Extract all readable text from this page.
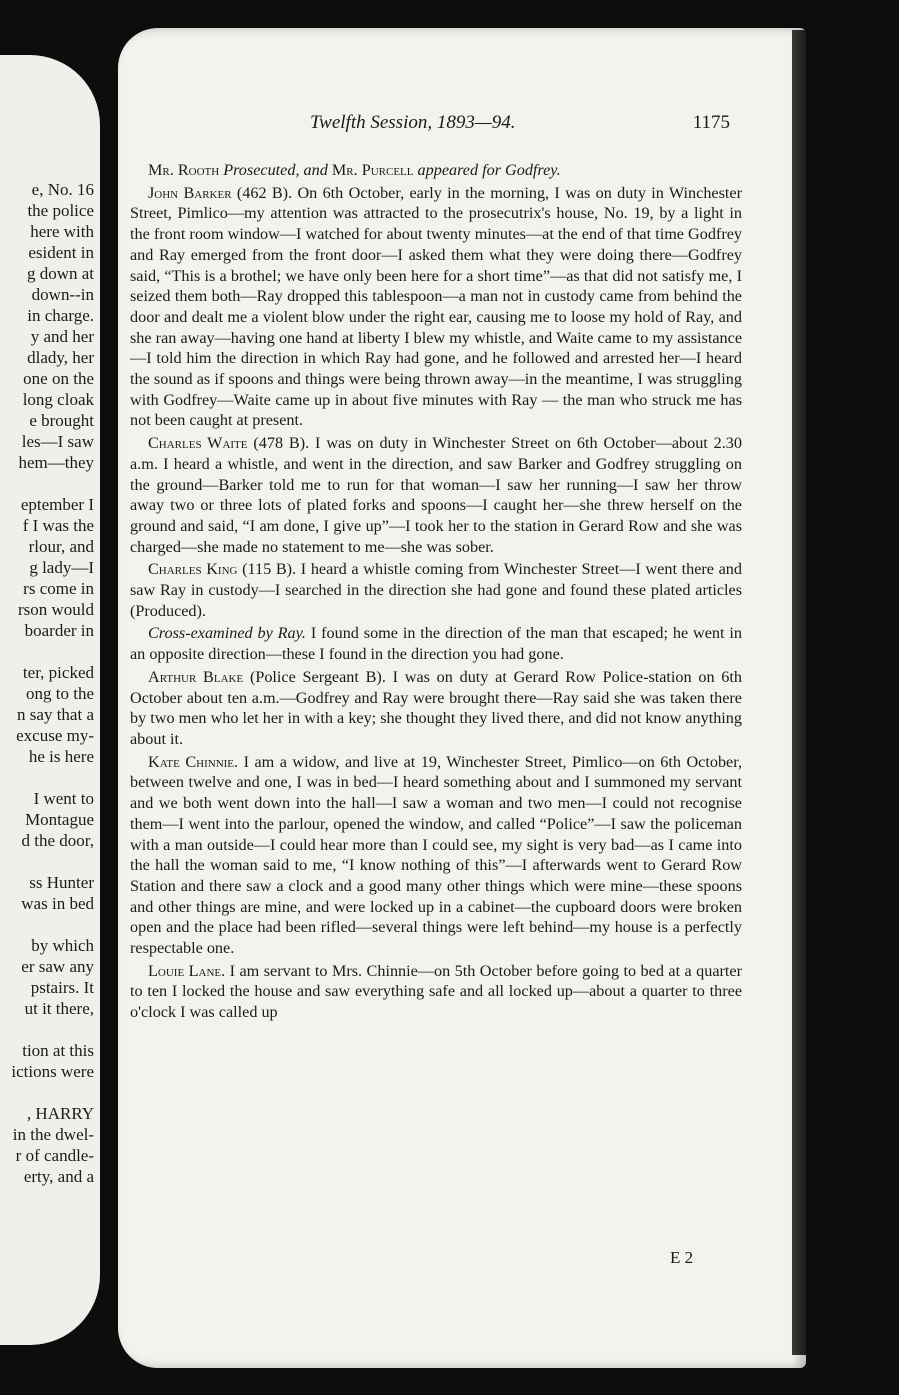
e, No. 16
the police
here with
esident in
g down at
down--in
in charge.
y and her
dlady, her
one on the
long cloak
e brought
les—I saw
hem—they
eptember I
f I was the
rlour, and
g lady—I
rs come in
rson would
boarder in
ter, picked
ong to the
n say that a
excuse my-
he is here
I went to
Montague
d the door,
ss Hunter
was in bed
by which
er saw any
pstairs. It
ut it there,
tion at this
ictions were
, HARRY
in the dwel-
r of candle-
erty, and a
Twelfth Session, 1893—94.	1175

Mr. Rooth Prosecuted, and Mr. Purcell appeared for Godfrey.

John Barker (462 B). On 6th October, early in the morning, I was on duty in Winchester Street, Pimlico—my attention was attracted to the prosecutrix's house, No. 19, by a light in the front room window—I watched for about twenty minutes—at the end of that time Godfrey and Ray emerged from the front door—I asked them what they were doing there—Godfrey said, “This is a brothel; we have only been here for a short time”—as that did not satisfy me, I seized them both—Ray dropped this tablespoon—a man not in custody came from behind the door and dealt me a violent blow under the right ear, causing me to loose my hold of Ray, and she ran away—having one hand at liberty I blew my whistle, and Waite came to my assistance—I told him the direction in which Ray had gone, and he followed and arrested her—I heard the sound as if spoons and things were being thrown away—in the meantime, I was struggling with Godfrey—Waite came up in about five minutes with Ray — the man who struck me has not been caught at present.

Charles Waite (478 B). I was on duty in Winchester Street on 6th October—about 2.30 a.m. I heard a whistle, and went in the direction, and saw Barker and Godfrey struggling on the ground—Barker told me to run for that woman—I saw her running—I saw her throw away two or three lots of plated forks and spoons—I caught her—she threw herself on the ground and said, “I am done, I give up”—I took her to the station in Gerard Row and she was charged—she made no statement to me—she was sober.

Charles King (115 B). I heard a whistle coming from Winchester Street—I went there and saw Ray in custody—I searched in the direction she had gone and found these plated articles (Produced).

Cross-examined by Ray. I found some in the direction of the man that escaped; he went in an opposite direction—these I found in the direction you had gone.

Arthur Blake (Police Sergeant B). I was on duty at Gerard Row Police-station on 6th October about ten a.m.—Godfrey and Ray were brought there—Ray said she was taken there by two men who let her in with a key; she thought they lived there, and did not know anything about it.

Kate Chinnie. I am a widow, and live at 19, Winchester Street, Pimlico—on 6th October, between twelve and one, I was in bed—I heard something about and I summoned my servant and we both went down into the hall—I saw a woman and two men—I could not recognise them—I went into the parlour, opened the window, and called “Police”—I saw the policeman with a man outside—I could hear more than I could see, my sight is very bad—as I came into the hall the woman said to me, “I know nothing of this”—I afterwards went to Gerard Row Station and there saw a clock and a good many other things which were mine—these spoons and other things are mine, and were locked up in a cabinet—the cupboard doors were broken open and the place had been rifled—several things were left behind—my house is a perfectly respectable one.

Louie Lane. I am servant to Mrs. Chinnie—on 5th October before going to bed at a quarter to ten I locked the house and saw everything safe and all locked up—about a quarter to three o'clock I was called up

E 2
